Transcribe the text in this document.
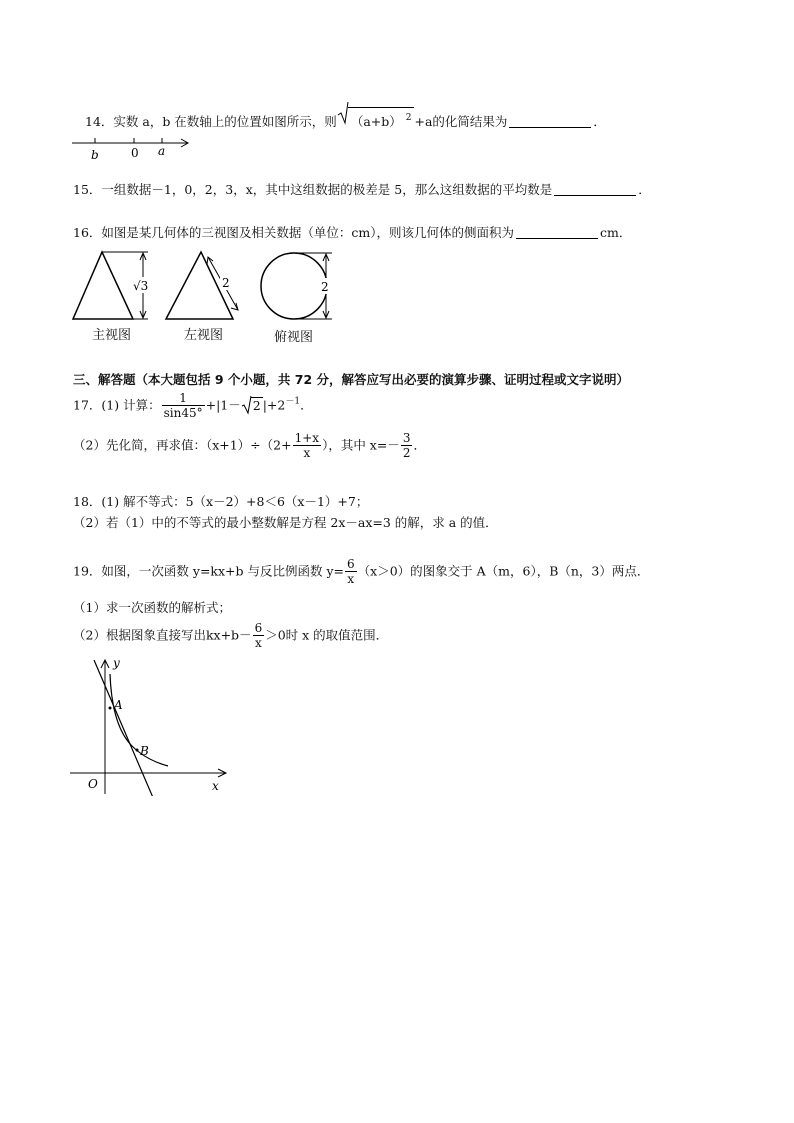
14．实数 a，b 在数轴上的位置如图所示，则 （a+b） $^2$ +a的化简结果为	．
b	0 a
15．一组数据－1，0，2，3，x，其中这组数据的极差是 5，那么这组数据的平均数是	．
16．如图是某几何体的三视图及相关数据（单位：cm），则该几何体的侧面积为	cm．
√3	2	2
主视图	左视图	俯视图
三、解答题（本大题包括 9 个小题，共 72 分，解答应写出必要的演算步骤、证明过程或文字说明）
17．(1) 计算： $\frac{1}{\sin 45^\circ} +|1- 2$ $|+2^{-1}$．
（2）先化简，再求值：$(x+1)\div(2+ \frac{1+x}{x}$ ），其中 $x=- \frac{3}{2}$ ．
18．(1) 解不等式：5（x－2）+8＜6（x－1）+7；
（2）若（1）中的不等式的最小整数解是方程 2x－ax=3 的解，求 a 的值．
19．如图，一次函数 y=kx+b 与反比例函数 $y= \frac{6}{x} (x>0)$的图象交于 A（m，6），B（n，3）两点．
（1）求一次函数的解析式；
（2）根据图象直接写出$kx+b- \frac{6}{x} >0$时 x 的取值范围．
A
B
y
x
O
